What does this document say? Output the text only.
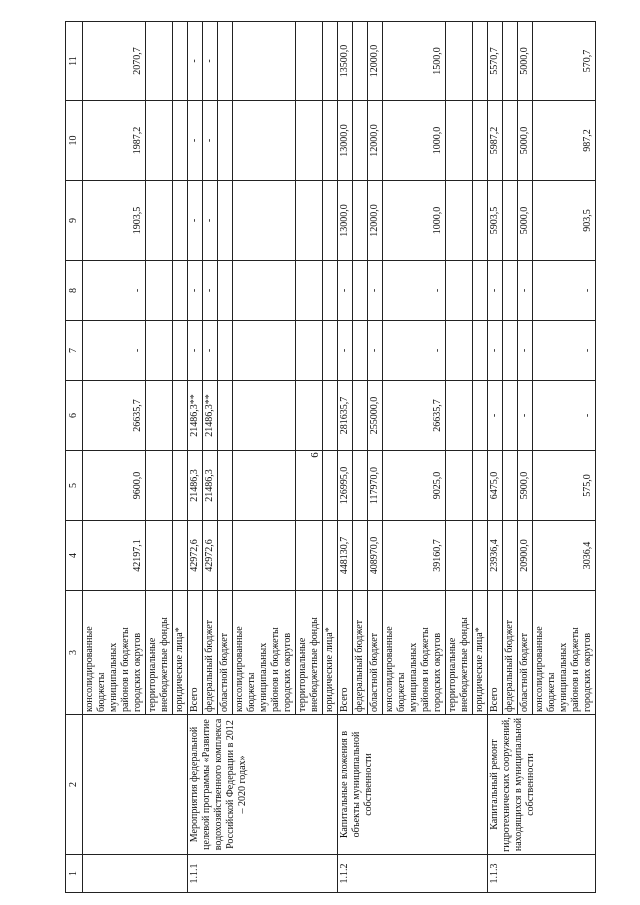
6
1	2	3	4	5	6	7	8	9	10	11

		консолидированные бюджеты муниципальных районов и бюджеты городских округов	42197,1	9600,0	26635,7	-	-	1903,5	1987,2	2070,7
		территориальные внебюджетные фонды								
		юридические лица*								
1.1.1	Мероприятия федеральной целевой программы «Развитие водохозяйственного комплекса Российской Федерации в 2012 – 2020 годах»	Всего	42972,6	21486,3	21486,3**	-	-	-	-	-
		федеральный бюджет	42972,6	21486,3	21486,3**	-	-	-	-	-
		областной бюджет								

		консолидированные бюджеты муниципальных районов и бюджеты городских округов								

		территориальные внебюджетные фонды								
		юридические лица*								
1.1.2	Капитальные вложения в объекты муниципальной собственности	Всего	448130,7	126995,0	281635,7	-	-	13000,0	13000,0	13500,0
		федеральный бюджет								
		областной бюджет	408970,0	117970,0	255000,0	-	-	12000,0	12000,0	12000,0

		консолидированные бюджеты муниципальных районов и бюджеты городских округов	39160,7	9025,0	26635,7	-	-	1000,0	1000,0	1500,0
		территориальные внебюджетные фонды								
		юридические лица*								
1.1.3	Капитальный ремонт гидротехнических сооружений, находящихся в муниципальной собственности	Всего	23936,4	6475,0	-	-	-	5903,5	5987,2	5570,7
		федеральный бюджет								
		областной бюджет	20900,0	5900,0	-	-	-	5000,0	5000,0	5000,0

		консолидированные бюджеты муниципальных районов и бюджеты городских округов	3036,4	575,0	-	-	-	903,5	987,2	570,7
